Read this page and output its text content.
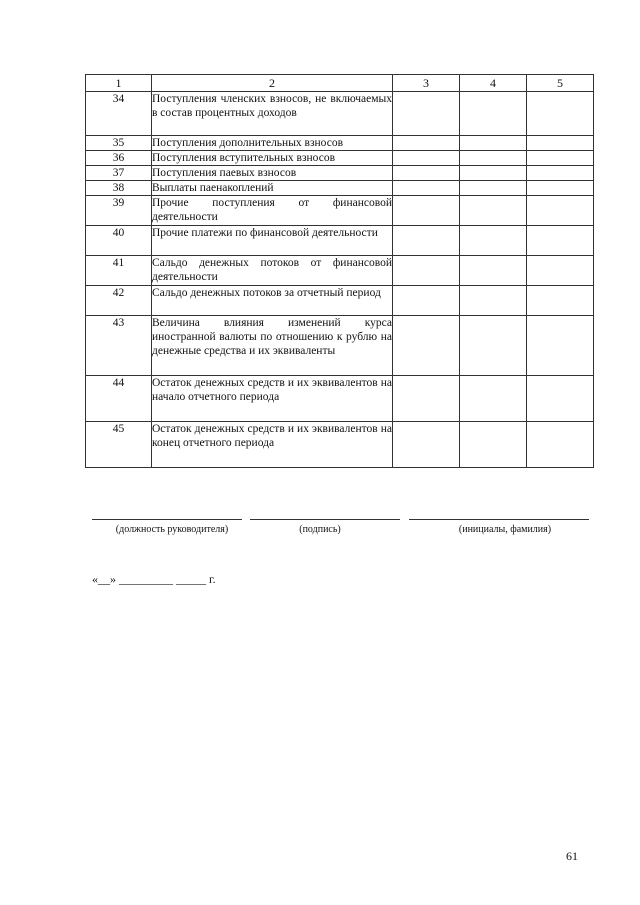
1	2	3	4	5
34	Поступления членских взносов, не включаемых в состав процентных доходов			
35	Поступления дополнительных взносов			
36	Поступления вступительных взносов			
37	Поступления паевых взносов			
38	Выплаты паенакоплений			
39	Прочие поступления от финансовой деятельности			
40	Прочие платежи по финансовой деятельности			
41	Сальдо денежных потоков от финансовой деятельности			
42	Сальдо денежных потоков за отчетный период			
43	Величина влияния изменений курса иностранной валюты по отношению к рублю на денежные средства и их эквиваленты			
44	Остаток денежных средств и их эквивалентов на начало отчетного периода			
45	Остаток денежных средств и их эквивалентов на конец отчетного периода			
(должность руководителя)	(подпись)	(инициалы, фамилия)
«__» _________ _____ г.
61
